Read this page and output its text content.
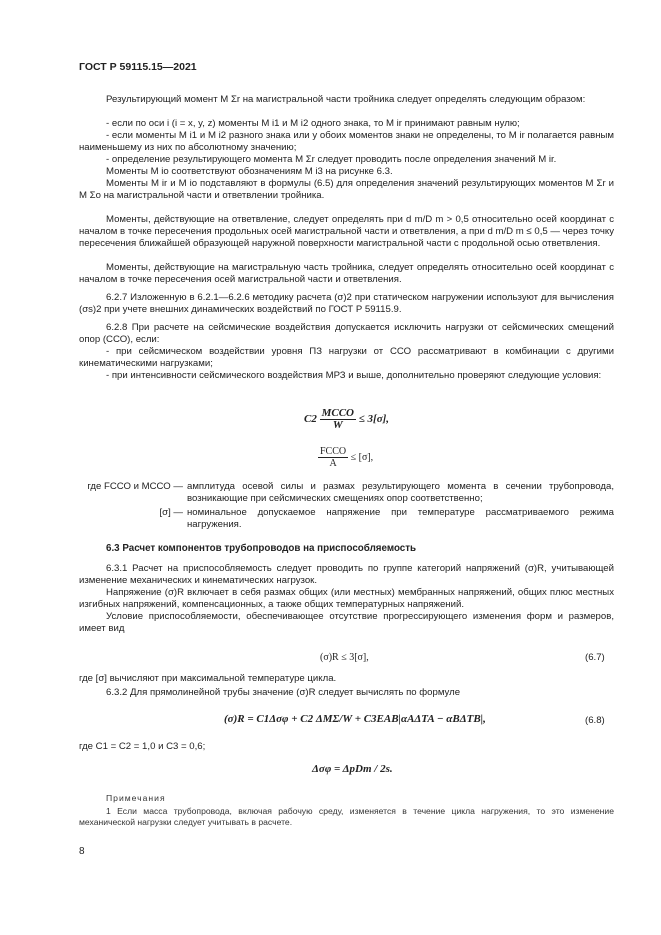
ГОСТ Р 59115.15—2021

Результирующий момент M Σr на магистральной части тройника следует определять следующим образом:

- если по оси i (i = x, y, z) моменты M i1 и M i2 одного знака, то M ir принимают равным нулю;

- если моменты M i1 и M i2 разного знака или у обоих моментов знаки не определены, то M ir полагается равным наименьшему из них по абсолютному значению;

- определение результирующего момента M Σr следует проводить после определения значений M ir.

Моменты M io соответствуют обозначениям M i3 на рисунке 6.3.

Моменты M ir и M io подставляют в формулы (6.5) для определения значений результирующих моментов M Σr и M Σo на магистральной части и ответвлении тройника.

Моменты, действующие на ответвление, следует определять при d m/D m > 0,5 относительно осей координат с началом в точке пересечения продольных осей магистральной части и ответвления, а при d m/D m ≤ 0,5 — через точку пересечения ближайшей образующей наружной поверхности магистральной части с продольной осью ответвления.

Моменты, действующие на магистральную часть тройника, следует определять относительно осей координат с началом в точке пересечения осей магистральной части и ответвления.

6.2.7 Изложенную в 6.2.1—6.2.6 методику расчета (σ)2 при статическом нагружении используют для вычисления (σs)2 при учете внешних динамических воздействий по ГОСТ Р 59115.9.

6.2.8 При расчете на сейсмические воздействия допускается исключить нагрузки от сейсмических смещений опор (ССО), если:

- при сейсмическом воздействии уровня ПЗ нагрузки от ССО рассматривают в комбинации с другими кинематическими нагрузками;

- при интенсивности сейсмического воздействия МРЗ и выше, дополнительно проверяют следующие условия:

$C2 \frac{\text{MССО}}{W} \le 3[\sigma]$,
$\frac{\text{FССО}}{A} \le [\sigma]$,
где FССО и MССО — амплитуда осевой силы и размах результирующего момента в сечении трубопровода, возникающие при сейсмических смещениях опор соответственно;
[σ] — номинальное допускаемое напряжение при температуре рассматриваемого режима нагружения.
6.3 Расчет компонентов трубопроводов на приспособляемость

6.3.1 Расчет на приспособляемость следует проводить по группе категорий напряжений (σ)R, учитывающей изменение механических и кинематических нагрузок.

Напряжение (σ)R включает в себя размах общих (или местных) мембранных напряжений, общих плюс местных изгибных напряжений, компенсационных, а также общих температурных напряжений.

Условие приспособляемости, обеспечивающее отсутствие прогрессирующего изменения форм и размеров, имеет вид

(σ)R ≤ 3[σ],	(6.7)

где [σ] вычисляют при максимальной температуре цикла.

6.3.2 Для прямолинейной трубы значение (σ)R следует вычислять по формуле

(σ)R = C1Δσφ + C2 ΔMΣ/W + C3EAB|αAΔTA − αBΔTB|,	(6.8)

где C1 = C2 = 1,0 и C3 = 0,6;

Δσφ = ΔpDm / 2s.
Примечания

1 Если масса трубопровода, включая рабочую среду, изменяется в течение цикла нагружения, то это изменение механической нагрузки следует учитывать в расчете.

8
